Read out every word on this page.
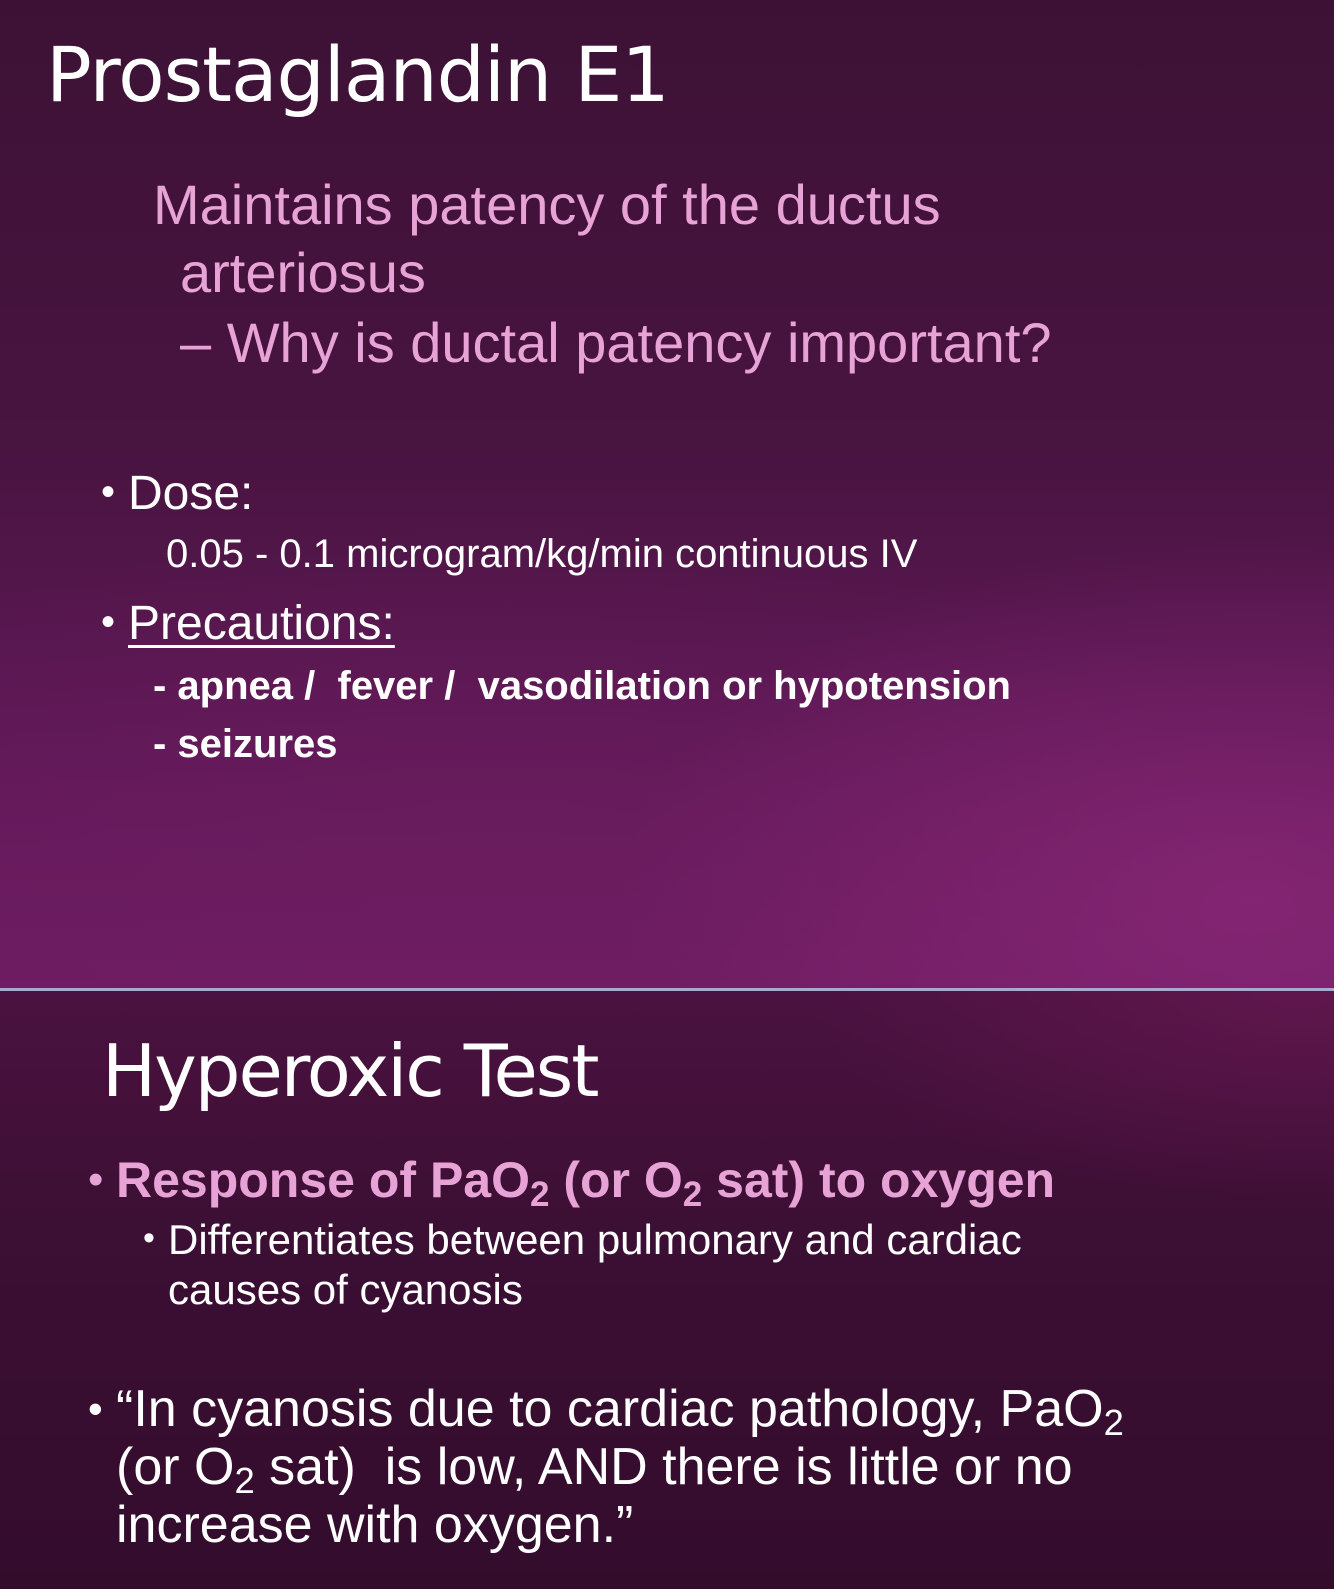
Prostaglandin E1
Maintains patency of the ductus
arteriosus
– Why is ductal patency important?
• Dose:
0.05 - 0.1 microgram/kg/min continuous IV
• Precautions:
- apnea /  fever /  vasodilation or hypotension
- seizures
Hyperoxic Test
• Response of PaO$_2$ (or $O_2$ sat) to oxygen
• Differentiates between pulmonary and cardiac
causes of cyanosis
• “In cyanosis due to cardiac pathology, PaO$_2$
(or $O_2$ sat)  is low, AND there is little or no
increase with oxygen.”
